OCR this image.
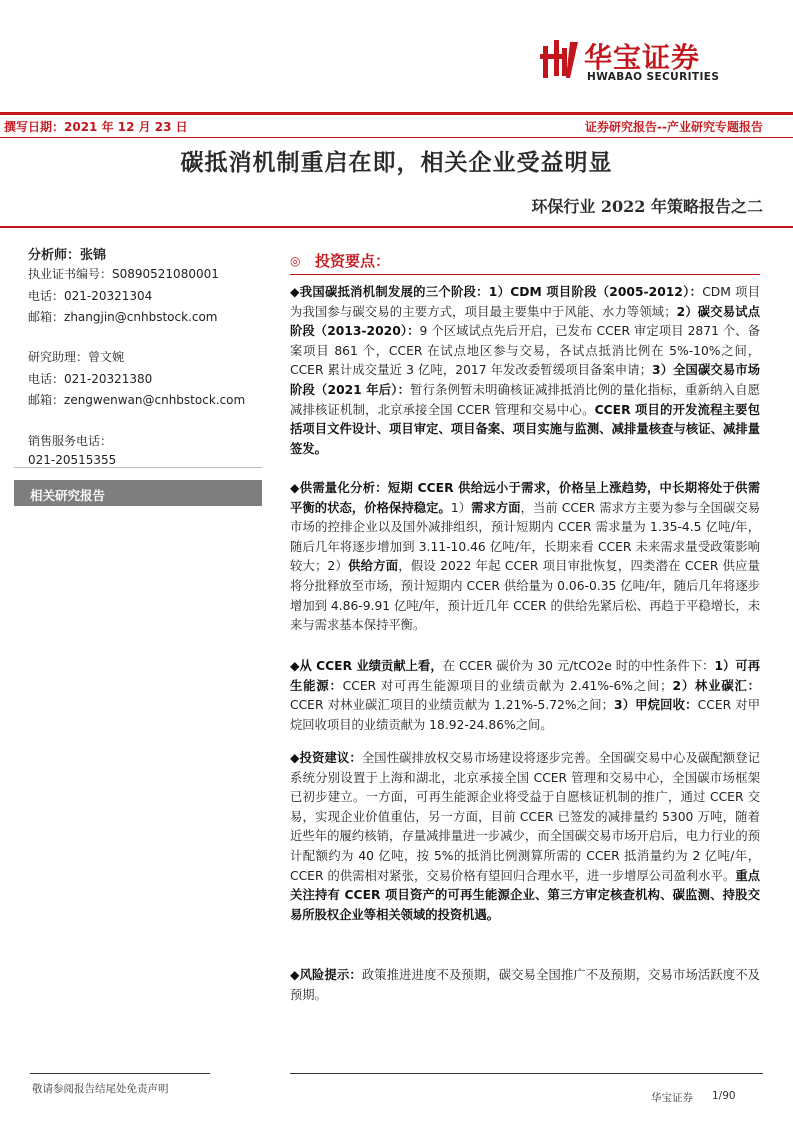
华宝证券
HWABAO SECURITIES
撰写日期：2021 年 12 月 23 日	证券研究报告--产业研究专题报告
碳抵消机制重启在即，相关企业受益明显
环保行业 2022 年策略报告之二
分析师：张锦
执业证书编号：S0890521080001
电话：021-20321304
邮箱：zhangjin@cnhbstock.com
研究助理：曾文婉
电话：021-20321380
邮箱：zengwenwan@cnhbstock.com
销售服务电话：
021-20515355
相关研究报告
◎ 投资要点：
◆我国碳抵消机制发展的三个阶段：1）CDM 项目阶段（2005-2012）：CDM 项目为我国参与碳交易的主要方式，项目最主要集中于风能、水力等领域；2）碳交易试点阶段（2013-2020）：9 个区域试点先后开启，已发布 CCER 审定项目 2871 个、备案项目 861 个，CCER 在试点地区参与交易，各试点抵消比例在 5%-10%之间，CCER 累计成交量近 3 亿吨，2017 年发改委暂缓项目备案申请；3）全国碳交易市场阶段（2021 年后）：暂行条例暂未明确核证减排抵消比例的量化指标，重新纳入自愿减排核证机制，北京承接全国 CCER 管理和交易中心。CCER 项目的开发流程主要包括项目文件设计、项目审定、项目备案、项目实施与监测、减排量核查与核证、减排量签发。
◆供需量化分析：短期 CCER 供给远小于需求，价格呈上涨趋势，中长期将处于供需平衡的状态，价格保持稳定。1）需求方面，当前 CCER 需求方主要为参与全国碳交易市场的控排企业以及国外减排组织，预计短期内 CCER 需求量为 1.35-4.5 亿吨/年，随后几年将逐步增加到 3.11-10.46 亿吨/年，长期来看 CCER 未来需求量受政策影响较大；2）供给方面，假设 2022 年起 CCER 项目审批恢复，四类潜在 CCER 供应量将分批释放至市场，预计短期内 CCER 供给量为 0.06-0.35 亿吨/年，随后几年将逐步增加到 4.86-9.91 亿吨/年，预计近几年 CCER 的供给先紧后松、再趋于平稳增长，未来与需求基本保持平衡。
◆从 CCER 业绩贡献上看，在 CCER 碳价为 30 元/tCO2e 时的中性条件下：1）可再生能源：CCER 对可再生能源项目的业绩贡献为 2.41%-6%之间；2）林业碳汇：CCER 对林业碳汇项目的业绩贡献为 1.21%-5.72%之间；3）甲烷回收：CCER 对甲烷回收项目的业绩贡献为 18.92-24.86%之间。
◆投资建议：全国性碳排放权交易市场建设将逐步完善。全国碳交易中心及碳配额登记系统分别设置于上海和湖北，北京承接全国 CCER 管理和交易中心，全国碳市场框架已初步建立。一方面，可再生能源企业将受益于自愿核证机制的推广，通过 CCER 交易，实现企业价值重估，另一方面，目前 CCER 已签发的减排量约 5300 万吨，随着近些年的履约核销，存量减排量进一步减少，而全国碳交易市场开启后，电力行业的预计配额约为 40 亿吨，按 5%的抵消比例测算所需的 CCER 抵消量约为 2 亿吨/年，CCER 的供需相对紧张，交易价格有望回归合理水平，进一步增厚公司盈利水平。重点关注持有 CCER 项目资产的可再生能源企业、第三方审定核查机构、碳监测、持股交易所股权企业等相关领域的投资机遇。
◆风险提示：政策推进进度不及预期，碳交易全国推广不及预期，交易市场活跃度不及预期。
敬请参阅报告结尾处免责声明
华宝证券 1/90
